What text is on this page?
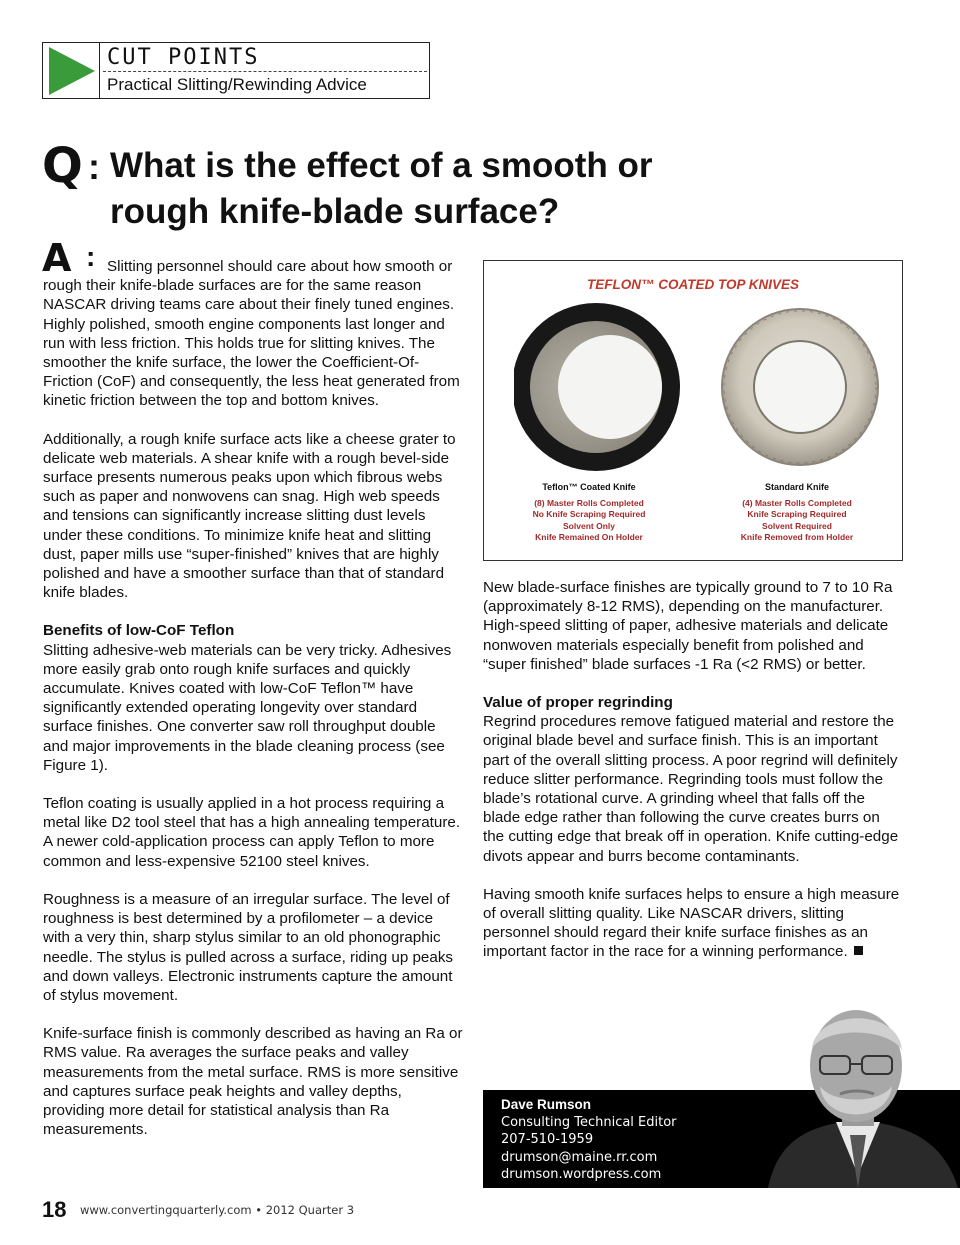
CUT POINTS
Practical Slitting/Rewinding Advice
Q : What is the effect of a smooth or rough knife-blade surface?
A : Slitting personnel should care about how smooth or rough their knife-blade surfaces are for the same reason NASCAR driving teams care about their finely tuned engines. Highly polished, smooth engine components last longer and run with less friction. This holds true for slitting knives. The smoother the knife surface, the lower the Coefficient-Of-Friction (CoF) and consequently, the less heat generated from kinetic friction between the top and bottom knives.

Additionally, a rough knife surface acts like a cheese grater to delicate web materials. A shear knife with a rough bevel-side surface presents numerous peaks upon which fibrous webs such as paper and nonwovens can snag. High web speeds and tensions can significantly increase slitting dust levels under these conditions. To minimize knife heat and slitting dust, paper mills use “super-finished” knives that are highly polished and have a smoother surface than that of standard knife blades.

Benefits of low-CoF Teflon
Slitting adhesive-web materials can be very tricky. Adhesives more easily grab onto rough knife surfaces and quickly accumulate. Knives coated with low-CoF Teflon™ have significantly extended operating longevity over standard surface finishes. One converter saw roll throughput double and major improvements in the blade cleaning process (see Figure 1).

Teflon coating is usually applied in a hot process requiring a metal like D2 tool steel that has a high annealing temperature. A newer cold-application process can apply Teflon to more common and less-expensive 52100 steel knives.

Roughness is a measure of an irregular surface. The level of roughness is best determined by a profilometer – a device with a very thin, sharp stylus similar to an old phonographic needle. The stylus is pulled across a surface, riding up peaks and down valleys. Electronic instruments capture the amount of stylus movement.

Knife-surface finish is commonly described as having an Ra or RMS value. Ra averages the surface peaks and valley measurements from the metal surface. RMS is more sensitive and captures surface peak heights and valley depths, providing more detail for statistical analysis than Ra measurements.

TEFLON™ COATED TOP KNIVES
Teflon™ Coated Knife
(8) Master Rolls Completed
No Knife Scraping Required
Solvent Only
Knife Remained On Holder
Standard Knife
(4) Master Rolls Completed
Knife Scraping Required
Solvent Required
Knife Removed from Holder

New blade-surface finishes are typically ground to 7 to 10 Ra (approximately 8-12 RMS), depending on the manufacturer. High-speed slitting of paper, adhesive materials and delicate nonwoven materials especially benefit from polished and “super finished” blade surfaces -1 Ra (<2 RMS) or better.

Value of proper regrinding
Regrind procedures remove fatigued material and restore the original blade bevel and surface finish. This is an important part of the overall slitting process. A poor regrind will definitely reduce slitter performance. Regrinding tools must follow the blade’s rotational curve. A grinding wheel that falls off the blade edge rather than following the curve creates burrs on the cutting edge that break off in operation. Knife cutting-edge divots appear and burrs become contaminants.

Having smooth knife surfaces helps to ensure a high measure of overall slitting quality. Like NASCAR drivers, slitting personnel should regard their knife surface finishes as an important factor in the race for a winning performance.

Dave Rumson
Consulting Technical Editor
207-510-1959
drumson@maine.rr.com
drumson.wordpress.com
18 www.convertingquarterly.com • 2012 Quarter 3
